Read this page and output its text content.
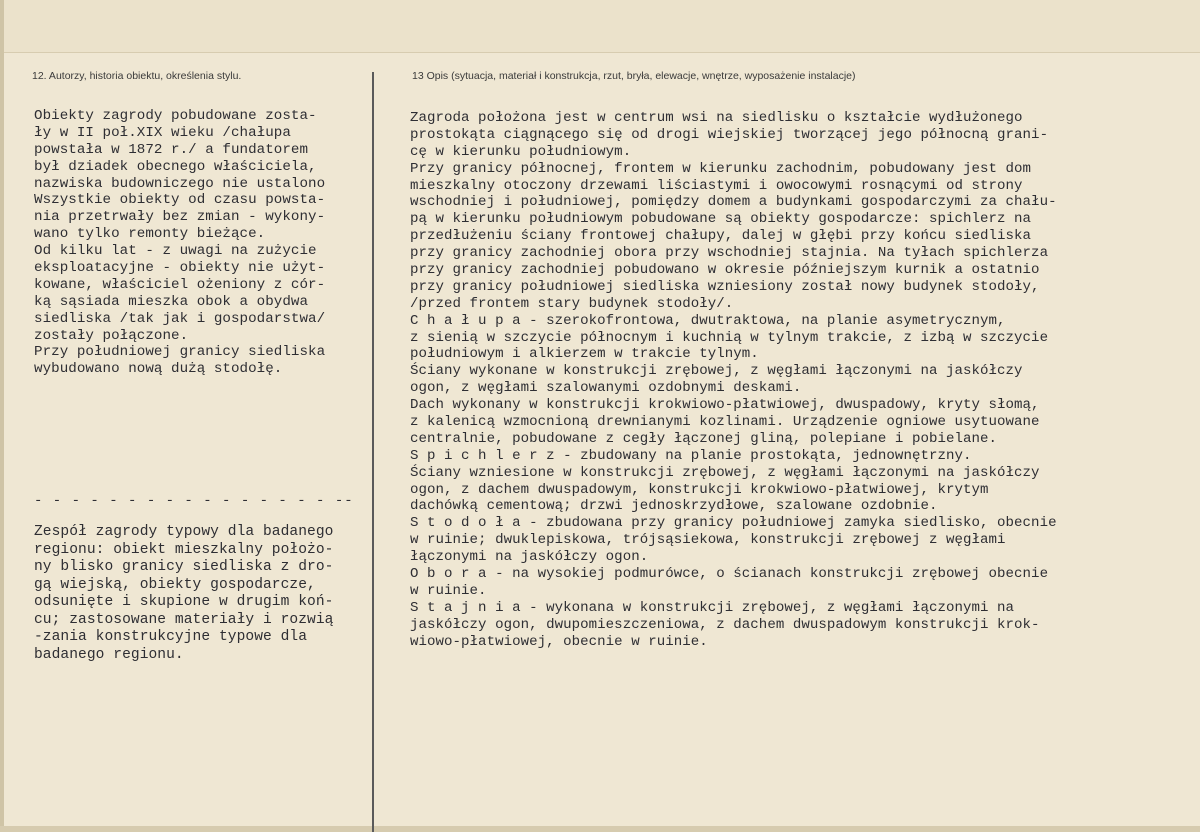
12. Autorzy, historia obiektu, określenia stylu.	13 Opis (sytuacja, materiał i konstrukcja, rzut, bryła, elewacje, wnętrze, wyposażenie instalacje)
Obiekty zagrody pobudowane zosta-
ły w II poł.XIX wieku /chałupa
powstała w 1872 r./ a fundatorem
był dziadek obecnego właściciela,
nazwiska budowniczego nie ustalono
Wszystkie obiekty od czasu powsta-
nia przetrwały bez zmian - wykony-
wano tylko remonty bieżące.
Od kilku lat - z uwagi na zużycie
eksploatacyjne - obiekty nie użyt-
kowane, właściciel ożeniony z cór-
ką sąsiada mieszka obok a obydwa
siedliska /tak jak i gospodarstwa/
zostały połączone.
Przy południowej granicy siedliska
wybudowano nową dużą stodołę.
- - - - - - - - - - - - - - - - --
Zespół zagrody typowy dla badanego
regionu: obiekt mieszkalny położo-
ny blisko granicy siedliska z dro-
gą wiejską, obiekty gospodarcze,
odsunięte i skupione w drugim koń-
cu; zastosowane materiały i rozwią
-zania konstrukcyjne typowe dla
badanego regionu.
Zagroda położona jest w centrum wsi na siedlisku o kształcie wydłużonego
prostokąta ciągnącego się od drogi wiejskiej tworzącej jego północną grani-
cę w kierunku południowym.
Przy granicy północnej, frontem w kierunku zachodnim, pobudowany jest dom
mieszkalny otoczony drzewami liściastymi i owocowymi rosnącymi od strony
wschodniej i południowej, pomiędzy domem a budynkami gospodarczymi za chału-
pą w kierunku południowym pobudowane są obiekty gospodarcze: spichlerz na
przedłużeniu ściany frontowej chałupy, dalej w głębi przy końcu siedliska
przy granicy zachodniej obora przy wschodniej stajnia. Na tyłach spichlerza
przy granicy zachodniej pobudowano w okresie późniejszym kurnik a ostatnio
przy granicy południowej siedliska wzniesiony został nowy budynek stodoły,
/przed frontem stary budynek stodoły/.
C h a ł u p a - szerokofrontowa, dwutraktowa, na planie asymetrycznym,
z sienią w szczycie północnym i kuchnią w tylnym trakcie, z izbą w szczycie
południowym i alkierzem w trakcie tylnym.
Ściany wykonane w konstrukcji zrębowej, z węgłami łączonymi na jaskółczy
ogon, z węgłami szalowanymi ozdobnymi deskami.
Dach wykonany w konstrukcji krokwiowo-płatwiowej, dwuspadowy, kryty słomą,
z kalenicą wzmocnioną drewnianymi kozlinami. Urządzenie ogniowe usytuowane
centralnie, pobudowane z cegły łączonej gliną, polepiane i pobielane.
S p i c h l e r z - zbudowany na planie prostokąta, jednownętrzny.
Ściany wzniesione w konstrukcji zrębowej, z węgłami łączonymi na jaskółczy
ogon, z dachem dwuspadowym, konstrukcji krokwiowo-płatwiowej, krytym
dachówką cementową; drzwi jednoskrzydłowe, szalowane ozdobnie.
S t o d o ł a - zbudowana przy granicy południowej zamyka siedlisko, obecnie
w ruinie; dwuklepiskowa, trójsąsiekowa, konstrukcji zrębowej z węgłami
łączonymi na jaskółczy ogon.
O b o r a - na wysokiej podmurówce, o ścianach konstrukcji zrębowej obecnie
w ruinie.
S t a j n i a - wykonana w konstrukcji zrębowej, z węgłami łączonymi na
jaskółczy ogon, dwupomieszczeniowa, z dachem dwuspadowym konstrukcji krok-
wiowo-płatwiowej, obecnie w ruinie.
